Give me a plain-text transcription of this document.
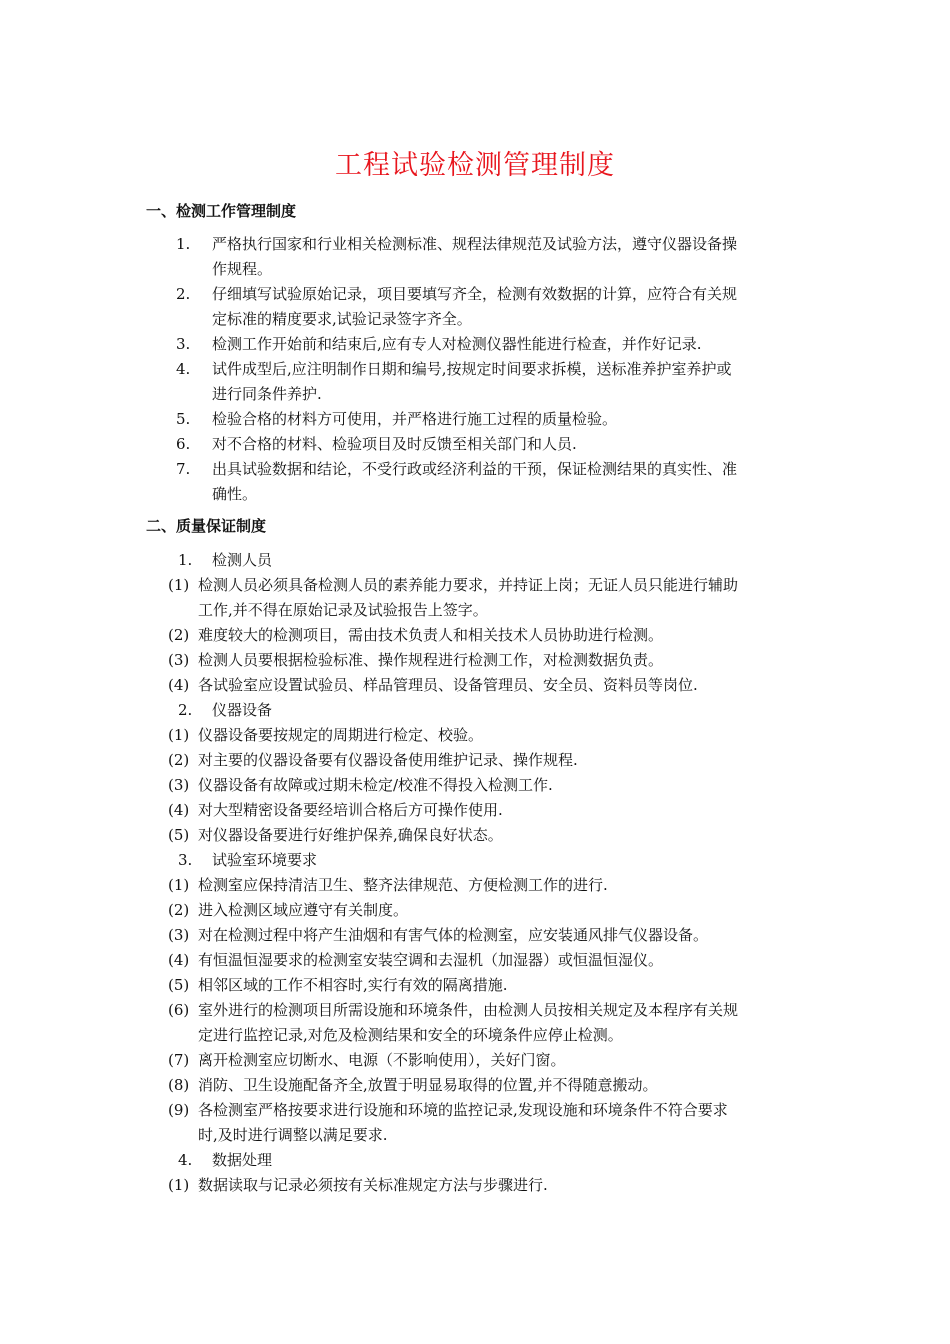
工程试验检测管理制度
一、检测工作管理制度
1. 严格执行国家和行业相关检测标准、规程法律规范及试验方法，遵守仪器设备操
作规程。
2. 仔细填写试验原始记录，项目要填写齐全，检测有效数据的计算，应符合有关规
定标准的精度要求,试验记录签字齐全。
3. 检测工作开始前和结束后,应有专人对检测仪器性能进行检查，并作好记录.
4. 试件成型后,应注明制作日期和编号,按规定时间要求拆模，送标准养护室养护或
进行同条件养护.
5. 检验合格的材料方可使用，并严格进行施工过程的质量检验。
6. 对不合格的材料、检验项目及时反馈至相关部门和人员.
7. 出具试验数据和结论，不受行政或经济利益的干预，保证检测结果的真实性、准
确性。
二、质量保证制度
1. 检测人员
(1) 检测人员必须具备检测人员的素养能力要求，并持证上岗；无证人员只能进行辅助
工作,并不得在原始记录及试验报告上签字。
(2) 难度较大的检测项目，需由技术负责人和相关技术人员协助进行检测。
(3) 检测人员要根据检验标准、操作规程进行检测工作，对检测数据负责。
(4) 各试验室应设置试验员、样品管理员、设备管理员、安全员、资料员等岗位.
2. 仪器设备
(1) 仪器设备要按规定的周期进行检定、校验。
(2) 对主要的仪器设备要有仪器设备使用维护记录、操作规程.
(3) 仪器设备有故障或过期未检定/校准不得投入检测工作.
(4) 对大型精密设备要经培训合格后方可操作使用.
(5) 对仪器设备要进行好维护保养,确保良好状态。
3. 试验室环境要求
(1) 检测室应保持清洁卫生、整齐法律规范、方便检测工作的进行.
(2) 进入检测区域应遵守有关制度。
(3) 对在检测过程中将产生油烟和有害气体的检测室，应安装通风排气仪器设备。
(4) 有恒温恒湿要求的检测室安装空调和去湿机（加湿器）或恒温恒湿仪。
(5) 相邻区域的工作不相容时,实行有效的隔离措施.
(6) 室外进行的检测项目所需设施和环境条件，由检测人员按相关规定及本程序有关规
定进行监控记录,对危及检测结果和安全的环境条件应停止检测。
(7) 离开检测室应切断水、电源（不影响使用），关好门窗。
(8) 消防、卫生设施配备齐全,放置于明显易取得的位置,并不得随意搬动。
(9) 各检测室严格按要求进行设施和环境的监控记录,发现设施和环境条件不符合要求
时,及时进行调整以满足要求.
4. 数据处理
(1) 数据读取与记录必须按有关标准规定方法与步骤进行.
